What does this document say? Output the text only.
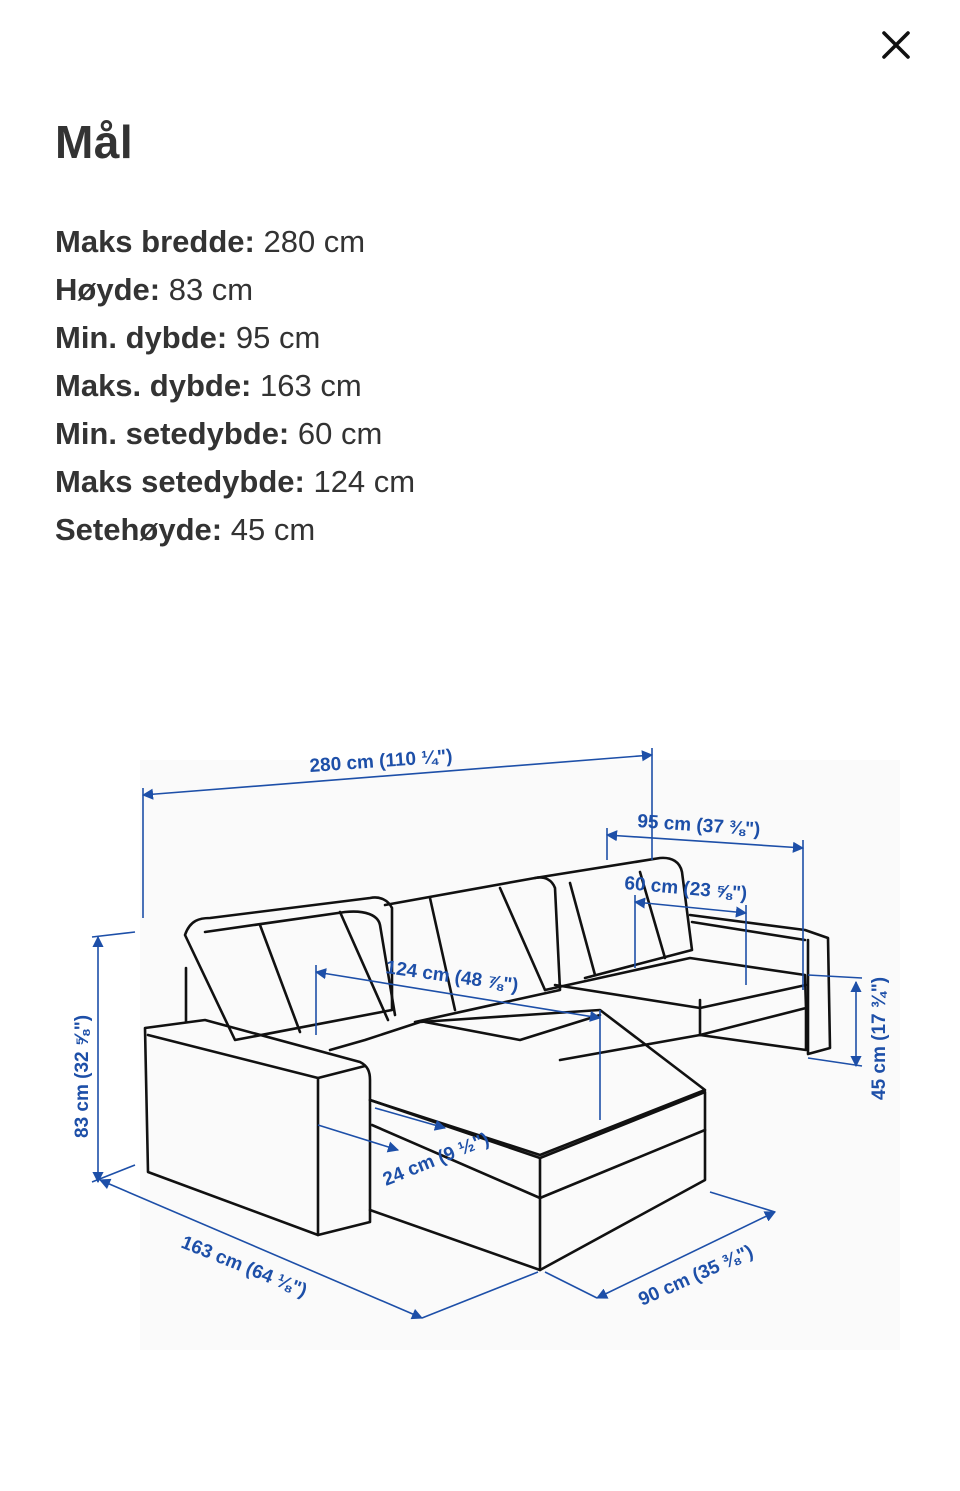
Mål
Maks bredde: 280 cm
Høyde: 83 cm
Min. dybde: 95 cm
Maks. dybde: 163 cm
Min. setedybde: 60 cm
Maks setedybde: 124 cm
Setehøyde: 45 cm
280 cm (110 ¼")
95 cm (37 ⅜")
60 cm (23 ⅝")
124 cm (48 ⅞")
83 cm (32 ⅝")	45 cm (17 ¾")
24 cm (9 ½")
163 cm (64 ⅛")	90 cm (35 ⅜")
